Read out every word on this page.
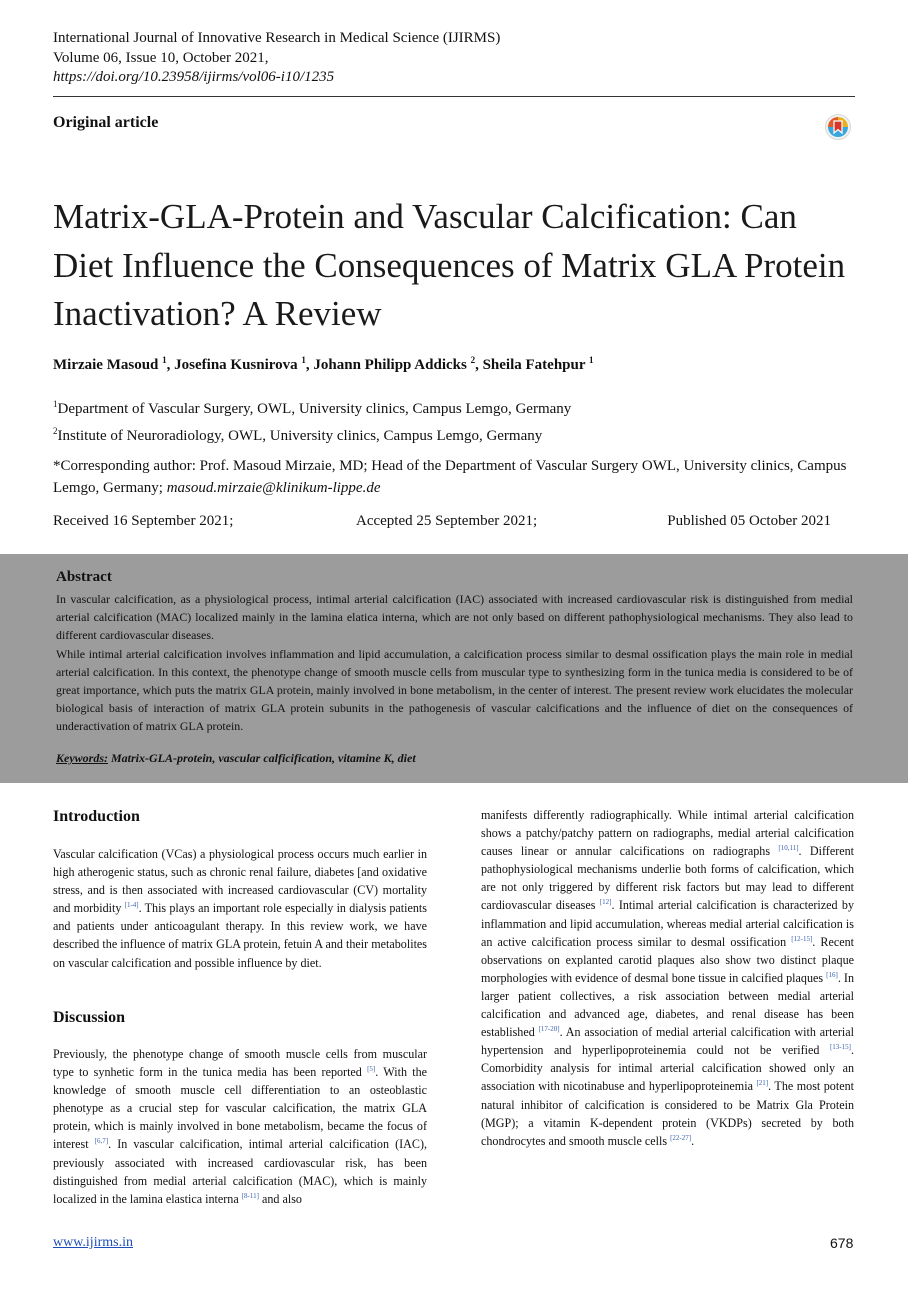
International Journal of Innovative Research in Medical Science (IJIRMS)
Volume 06, Issue 10, October 2021,
https://doi.org/10.23958/ijirms/vol06-i10/1235
Original article
Matrix-GLA-Protein and Vascular Calcification: Can Diet Influence the Consequences of Matrix GLA Protein Inactivation? A Review
Mirzaie Masoud $^1$, Josefina Kusnirova $^1$, Johann Philipp Addicks $^2$, Sheila Fatehpur $^1$
$^1$Department of Vascular Surgery, OWL, University clinics, Campus Lemgo, Germany
$^2$Institute of Neuroradiology, OWL, University clinics, Campus Lemgo, Germany
*Corresponding author: Prof. Masoud Mirzaie, MD; Head of the Department of Vascular Surgery OWL, University clinics, Campus Lemgo, Germany; masoud.mirzaie@klinikum-lippe.de
Received 16 September 2021;	Accepted 25 September 2021;	Published 05 October 2021
Abstract

In vascular calcification, as a physiological process, intimal arterial calcification (IAC) associated with increased cardiovascular risk is distinguished from medial arterial calcification (MAC) localized mainly in the lamina elatica interna, which are not only based on different pathophysiological mechanisms. They also lead to different cardiovascular diseases.

While intimal arterial calcification involves inflammation and lipid accumulation, a calcification process similar to desmal ossification plays the main role in medial arterial calcification. In this context, the phenotype change of smooth muscle cells from muscular type to synthesizing form in the tunica media is considered to be of great importance, which puts the matrix GLA protein, mainly involved in bone metabolism, in the center of interest. The present review work elucidates the molecular biological basis of interaction of matrix GLA protein subunits in the pathogenesis of vascular calcifications and the influence of diet on the consequences of underactivation of matrix GLA protein.

Keywords: Matrix-GLA-protein, vascular calficification, vitamine K, diet
Introduction

Vascular calcification (VCas) a physiological process occurs much earlier in high atherogenic status, such as chronic renal failure, diabetes [and oxidative stress, and is then associated with increased cardiovascular (CV) mortality and morbidity [1-4]. This plays an important role especially in dialysis patients and patients under anticoagulant therapy. In this review work, we have described the influence of matrix GLA protein, fetuin A and their metabolites on vascular calcification and possible influence by diet.

Discussion

Previously, the phenotype change of smooth muscle cells from muscular type to synhetic form in the tunica media has been reported [5]. With the knowledge of smooth muscle cell differentiation to an osteoblastic phenotype as a crucial step for vascular calcification, the matrix GLA protein, which is mainly involved in bone metabolism, became the focus of interest [6,7]. In vascular calcification, intimal arterial calcification (IAC), previously associated with increased cardiovascular risk, has been distinguished from medial arterial calcification (MAC), which is mainly localized in the lamina elastica interna [8-11] and also

manifests differently radiographically. While intimal arterial calcification shows a patchy/patchy pattern on radiographs, medial arterial calcification causes linear or annular calcifications on radiographs [10,11]. Different pathophysiological mechanisms underlie both forms of calcification, which are not only triggered by different risk factors but may lead to different cardiovascular diseases [12]. Intimal arterial calcification is characterized by inflammation and lipid accumulation, whereas medial arterial calcification is an active calcification process similar to desmal ossification [12-15]. Recent observations on explanted carotid plaques also show two distinct plaque morphologies with evidence of desmal bone tissue in calcified plaques [16]. In larger patient collectives, a risk association between medial arterial calcification and advanced age, diabetes, and renal disease has been established [17-20]. An association of medial arterial calcification with arterial hypertension and hyperlipoproteinemia could not be verified [13-15]. Comorbidity analysis for intimal arterial calcification showed only an association with nicotinabuse and hyperlipoproteinemia [21]. The most potent natural inhibitor of calcification is considered to be Matrix Gla Protein (MGP); a vitamin K-dependent protein (VKDPs) secreted by both chondrocytes and smooth muscle cells [22-27].

www.ijirms.in	678
